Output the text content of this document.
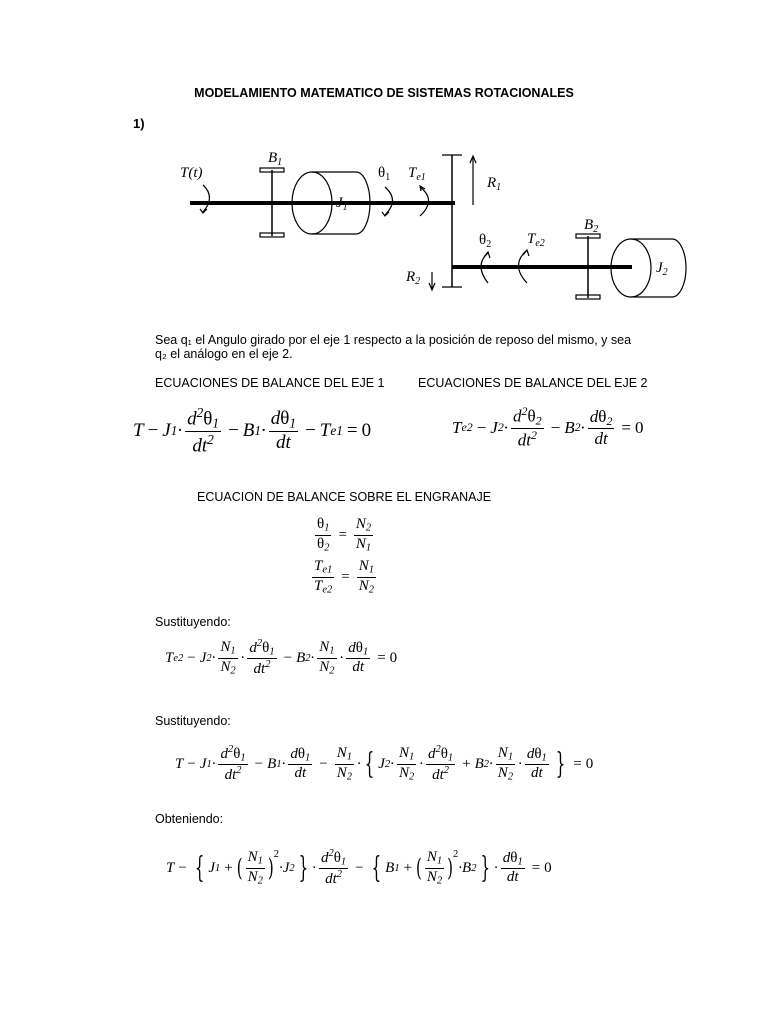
MODELAMIENTO MATEMATICO DE SISTEMAS ROTACIONALES
1)
T(t)
$B_1$
$J_1$
$\theta_1$ $T_{e1}$	$R_1$
$\theta_2$ $T_{e2}$
$B_2$
$R_2$
$J_2$
Sea q₁ el Angulo girado por el eje 1 respecto a la posición de reposo del mismo, y sea
q₂ el análogo en el eje 2.
ECUACIONES DE BALANCE DEL EJE 1	ECUACIONES DE BALANCE DEL EJE 2
T − J $1 \cdot \frac{d^2\theta_1}{dt^2} - B$ $1 \cdot \frac{d\theta_1}{dt} - T$ e1 = 0	T e2 − J $2 \cdot \frac{d^2\theta_2}{dt^2} - B$ $2 \cdot \frac{d\theta_2}{dt} = 0$
ECUACION DE BALANCE SOBRE EL ENGRANAJE
$\frac{\theta_1}{\theta_2} = \frac{N_2}{N_1}$
$\frac{T_{e1}}{T_{e2}} = \frac{N_1}{N_2}$
Sustituyendo:
T e2 − J $2 \cdot \frac{N_1}{N_2} \cdot \frac{d^2\theta_1}{dt^2} - B$ $2 \cdot \frac{N_1}{N_2} \cdot \frac{d\theta_1}{dt} = 0$
Sustituyendo:
T − J $1 \cdot \frac{d^2\theta_1}{dt^2} - B$ $1 \cdot \frac{d\theta_1}{dt} - \frac{N_1}{N_2}$ · { J $2 \cdot \frac{N_1}{N_2} \cdot \frac{d^2\theta_1}{dt^2} + B$ $2 \cdot \frac{N_1}{N_2} \cdot \frac{d\theta_1}{dt}$ } = 0
Obteniendo:
T − { J 1 + ( $\frac{N_1}{N_2}$ ) 2
·J 2 } · $\frac{d^2\theta_1}{dt^2}$ − { B 1 + ( $\frac{N_1}{N_2}$ ) 2
·B 2 } · $\frac{d\theta_1}{dt} = 0$
